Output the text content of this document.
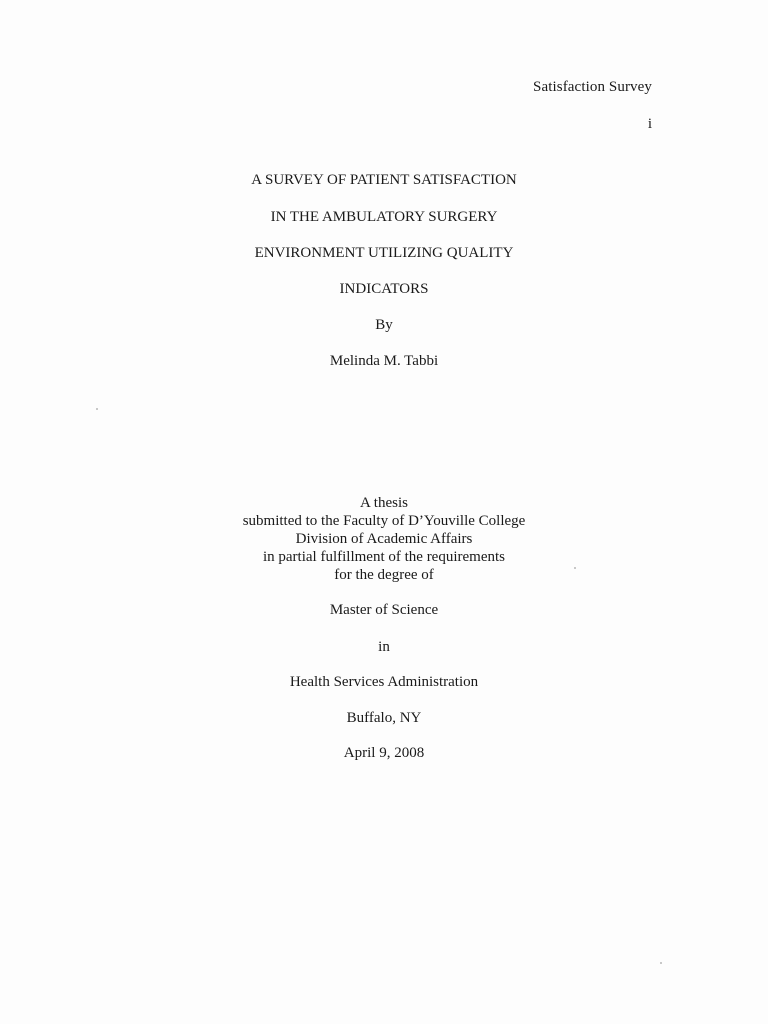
Satisfaction Survey
i
A SURVEY OF PATIENT SATISFACTION
IN THE AMBULATORY SURGERY
ENVIRONMENT UTILIZING QUALITY
INDICATORS
By
Melinda M. Tabbi
A thesis
submitted to the Faculty of D’Youville College
Division of Academic Affairs
in partial fulfillment of the requirements
for the degree of
Master of Science
in
Health Services Administration
Buffalo, NY
April 9, 2008
